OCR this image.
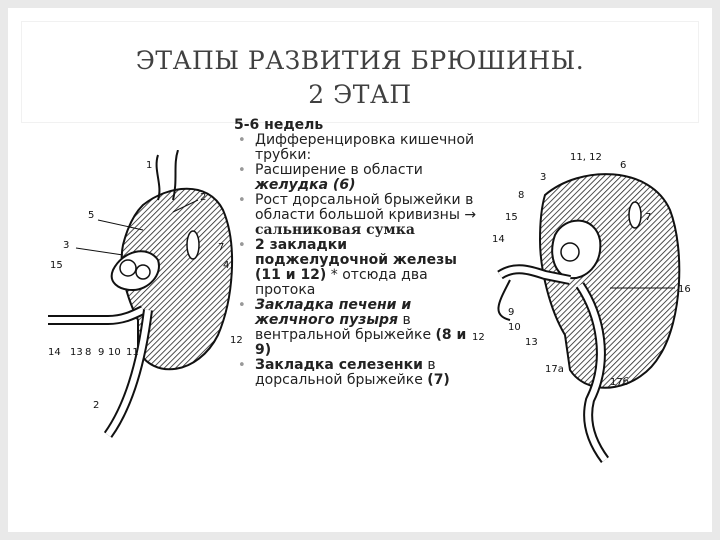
ЭТАПЫ РАЗВИТИЯ БРЮШИНЫ.
2 ЭТАП
1
5
2
3	7
4
15
12
14 13 8 9 10 11
2
11, 12
3
6
8
15	7
14
16
9
10
13
12
17a
17б
5-6 недель
• Дифференцировка кишечной трубки:
• Расширение в области желудка (6)
• Рост дорсальной брыжейки в области большой кривизны → сальниковая сумка
• 2 закладки поджелудочной железы (11 и 12) * отсюда два протока
• Закладка печени и желчного пузыря в вентральной брыжейке (8 и 9)
• Закладка селезенки в дорсальной брыжейке (7)
